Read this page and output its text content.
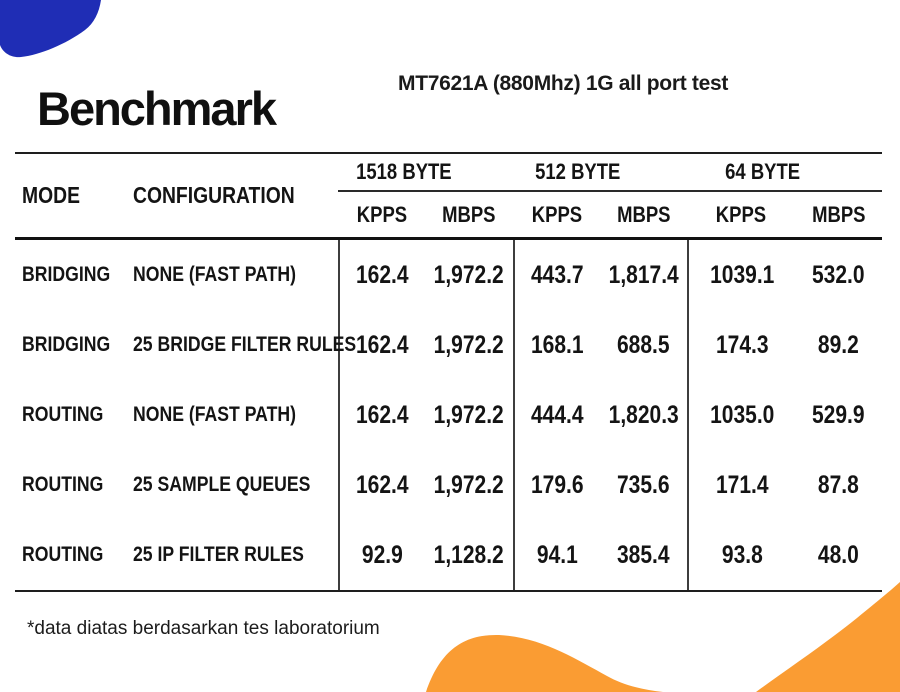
Benchmark	MT7621A (880Mhz) 1G all port test
MODE CONFIGURATION
1518 BYTE
KPPS MBPS
512 BYTE
KPPS MBPS
64 BYTE
KPPS MBPS
BRIDGING	NONE (FAST PATH)	162.4 1,972.2 443.7 1,817.4 1039.1 532.0
BRIDGING	25 BRIDGE FILTER RULES 162.4 1,972.2 168.1 688.5 174.3 89.2
ROUTING	NONE (FAST PATH)	162.4 1,972.2 444.4 1,820.3 1035.0 529.9
ROUTING	25 SAMPLE QUEUES	162.4 1,972.2 179.6 735.6 171.4 87.8
ROUTING	25 IP FILTER RULES	92.9 1,128.2 94.1 385.4 93.8 48.0
*data diatas berdasarkan tes laboratorium
